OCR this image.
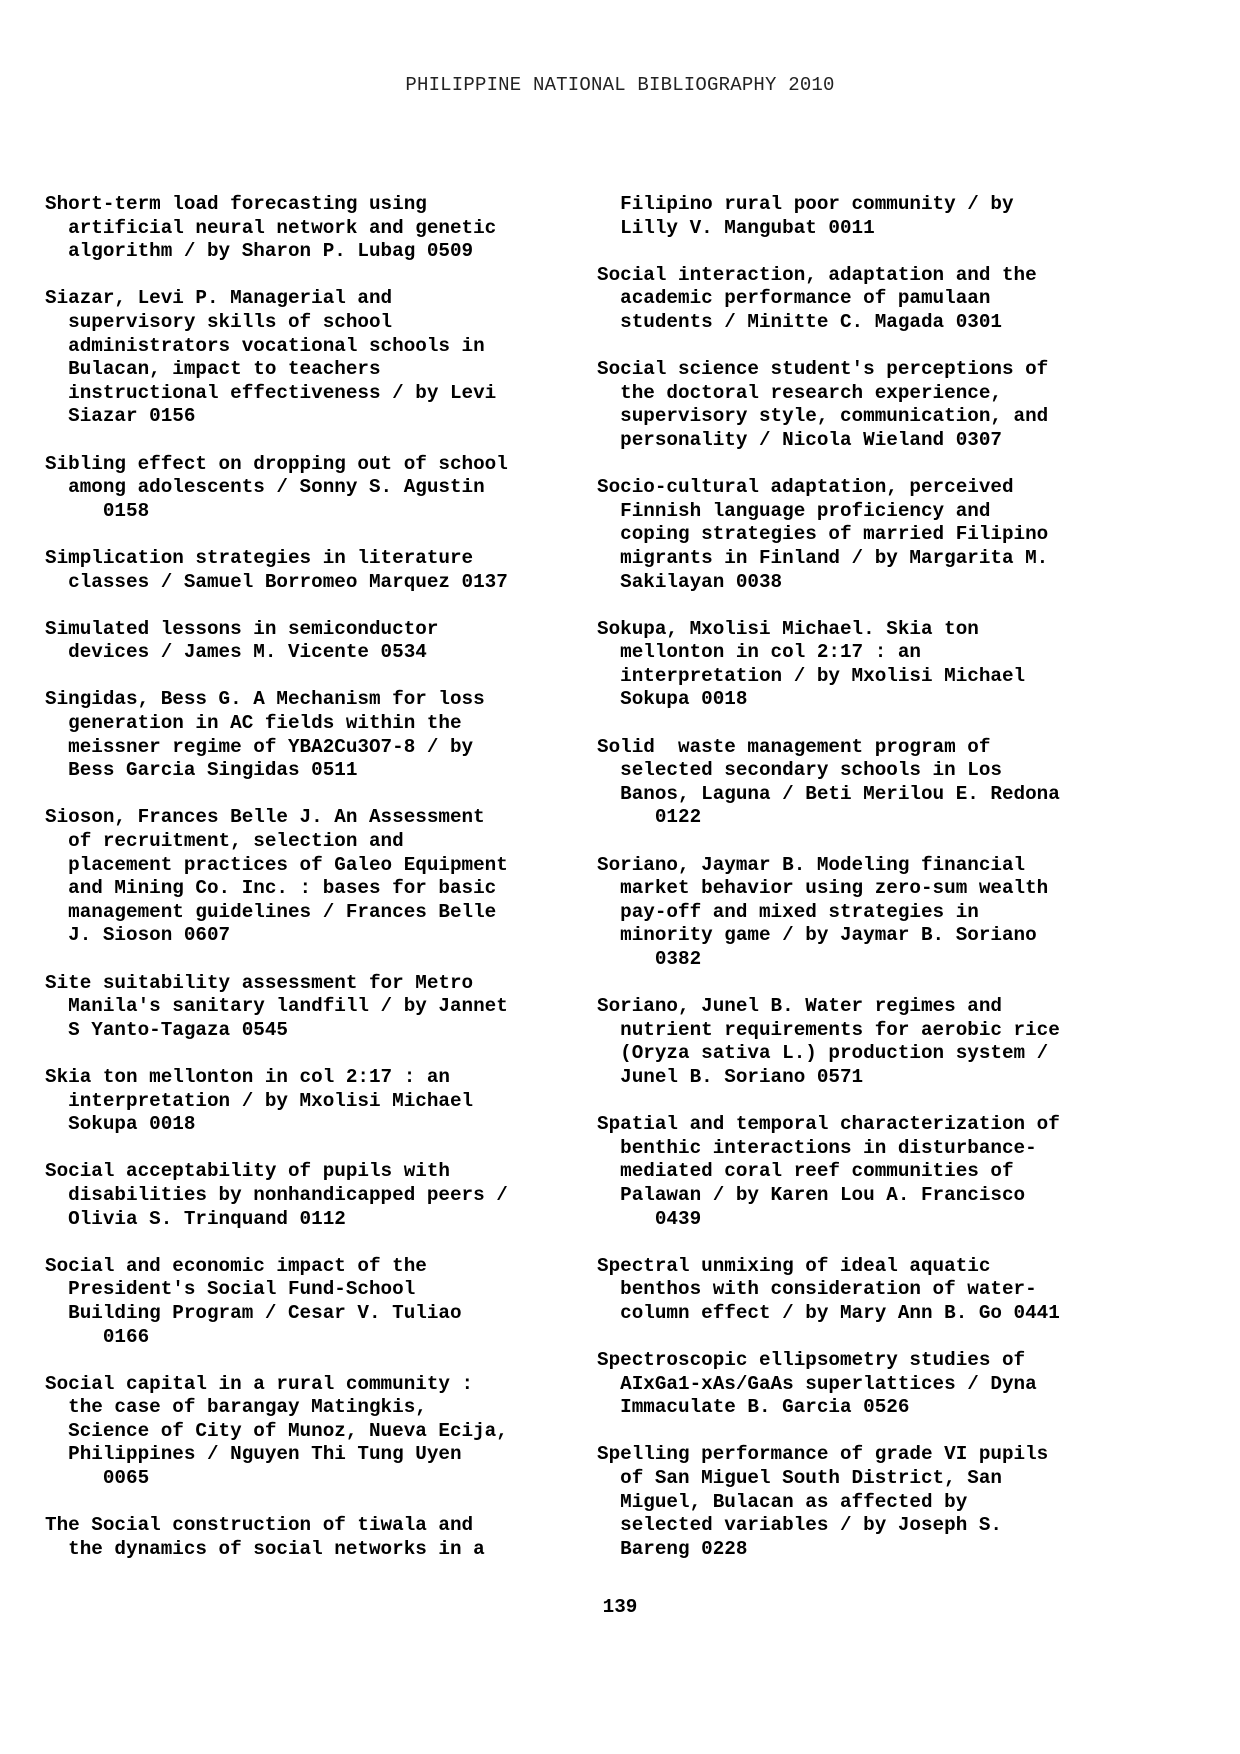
PHILIPPINE NATIONAL BIBLIOGRAPHY 2010
Short-term load forecasting using
artificial neural network and genetic
algorithm / by Sharon P. Lubag 0509
Siazar, Levi P. Managerial and
supervisory skills of school
administrators vocational schools in
Bulacan, impact to teachers
instructional effectiveness / by Levi
Siazar 0156
Sibling effect on dropping out of school
among adolescents / Sonny S. Agustin
0158
Simplication strategies in literature
classes / Samuel Borromeo Marquez 0137
Simulated lessons in semiconductor
devices / James M. Vicente 0534
Singidas, Bess G. A Mechanism for loss
generation in AC fields within the
meissner regime of YBA2Cu3O7-8 / by
Bess Garcia Singidas 0511
Sioson, Frances Belle J. An Assessment
of recruitment, selection and
placement practices of Galeo Equipment
and Mining Co. Inc. : bases for basic
management guidelines / Frances Belle
J. Sioson 0607
Site suitability assessment for Metro
Manila's sanitary landfill / by Jannet
S Yanto-Tagaza 0545
Skia ton mellonton in col 2:17 : an
interpretation / by Mxolisi Michael
Sokupa 0018
Social acceptability of pupils with
disabilities by nonhandicapped peers /
Olivia S. Trinquand 0112
Social and economic impact of the
President's Social Fund-School
Building Program / Cesar V. Tuliao
0166
Social capital in a rural community :
the case of barangay Matingkis,
Science of City of Munoz, Nueva Ecija,
Philippines / Nguyen Thi Tung Uyen
0065
The Social construction of tiwala and
the dynamics of social networks in a
Filipino rural poor community / by
Lilly V. Mangubat 0011
Social interaction, adaptation and the
academic performance of pamulaan
students / Minitte C. Magada 0301
Social science student's perceptions of
the doctoral research experience,
supervisory style, communication, and
personality / Nicola Wieland 0307
Socio-cultural adaptation, perceived
Finnish language proficiency and
coping strategies of married Filipino
migrants in Finland / by Margarita M.
Sakilayan 0038
Sokupa, Mxolisi Michael. Skia ton
mellonton in col 2:17 : an
interpretation / by Mxolisi Michael
Sokupa 0018
Solid  waste management program of
selected secondary schools in Los
Banos, Laguna / Beti Merilou E. Redona
0122
Soriano, Jaymar B. Modeling financial
market behavior using zero-sum wealth
pay-off and mixed strategies in
minority game / by Jaymar B. Soriano
0382
Soriano, Junel B. Water regimes and
nutrient requirements for aerobic rice
(Oryza sativa L.) production system /
Junel B. Soriano 0571
Spatial and temporal characterization of
benthic interactions in disturbance-
mediated coral reef communities of
Palawan / by Karen Lou A. Francisco
0439
Spectral unmixing of ideal aquatic
benthos with consideration of water-
column effect / by Mary Ann B. Go 0441
Spectroscopic ellipsometry studies of
AIxGa1-xAs/GaAs superlattices / Dyna
Immaculate B. Garcia 0526
Spelling performance of grade VI pupils
of San Miguel South District, San
Miguel, Bulacan as affected by
selected variables / by Joseph S.
Bareng 0228
139
